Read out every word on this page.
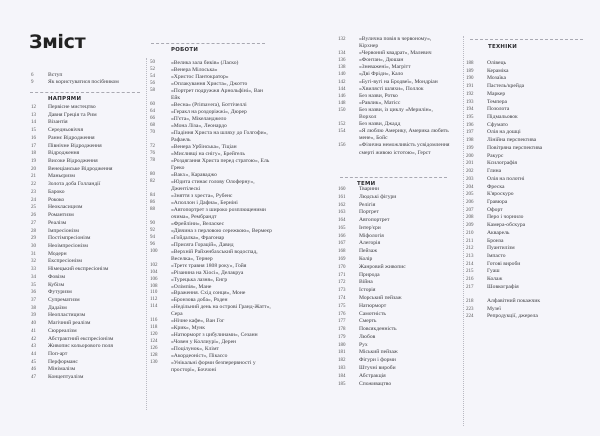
Зміст
6	Вступ
9	Як користуватися посібником
НАПРЯМИ
12	Первісне мистецтво
13	Давня Греція та Рим
14	Візантія
15	Середньовіччя
16	Раннє Відродження
17	Північне Відродження
18	Відродження
19	Високе Відродження
20	Венеціанське Відродження
21	Маньєризм
22	Золота доба Голландії
23	Бароко
24	Рококо
25	Неокласицизм
26	Романтизм
27	Реалізм
28	Імпресіонізм
29	Постімпресіонізм
30	Неоімпресіонізм
31	Модерн
32	Експресіонізм
33	Німецький експресіонізм
34	Фовізм
35	Кубізм
36	Футуризм
37	Супрематизм
38	Дадаїзм
39	Неопластицизм
40	Магічний реалізм
41	Сюрреалізм
42	Абстрактний експресіонізм
43	Живопис кольорового поля
44	Поп-арт
45	Перформанс
46	Мінімалізм
47	Концептуалізм
РОБОТИ
50	«Велика зала биків» (Ласко)
52	«Венера Мілоська»
54	«Христос Пантократор»
56	«Оплакування Христа», Джотто
58	«Портрет подружжя Арнольфіні», Ван Ейк
60	«Весна» (Primavera), Боттічеллі
64	«Геракл на роздоріжжі», Дюрер
66	«П'єта», Мікеланджело
68	«Мона Ліза», Леонардо
70	«Падіння Христа на шляху до Голгофи», Рафаель
72	«Венера Урбінська», Тіціан
76	«Мисливці на снігу», Брейгель
78	«Роздягання Христа перед стратою», Ель Греко
80	«Вакх», Караваджо
82	«Юдита стинає голову Олоферну», Джентілескі
84	«Зняття з хреста», Рубенс
86	«Аполлон і Дафна», Берніні
88	«Автопортрет з широко розплющеними очима», Рембрандт
90	«Фрейліни», Веласкес
92	«Дівчина з перловою сережкою», Вермеєр
94	«Гойдалка», Фрагонар
96	«Присяга Горацій», Давид
100	«Верхній Райхенбахський водоспад, Веселка», Тернер
102	«Третє травня 1808 року», Гойя
104	«Різанина на Хіосі», Делакруа
106	«Турецька лазня», Енгр
108	«Олімпія», Мане
110	«Враження. Схід сонця», Моне
112	«Бронзова доба», Роден
114	«Недільний день на острові Гранд-Жатт», Сера
116	«Нічне кафе», Ван Гог
118	«Крик», Мунк
120	«Натюрморт з цибулинами», Сезанн
124	«Човен у Коллиурі», Дерен
126	«Поцілунок», Клімт
128	«Акордеоніст», Пікассо
130	«Унікальні форми безперервності у просторі», Боччоні
132	«Вулична повія в червоному», Кірхнер
134	«Червоний квадрат», Малевич
136	«Фонтан», Дюшан
138	«Зневажені», Магрітт
140	«Дві Фріди», Кало
142	«Бугі-вугі на Бродвеї», Мондріан
144	«Хвилясті шляхи», Поллок
146	Без назви, Ротко
148	«Равлик», Матісс
150	Без назви, із циклу «Мерилін», Ворхол
152	Без назви, Джадд
154	«Я люблю Америку, Америка любить мене», Бойс
156	«Фізична неможливість усвідомлення смерті живою істотою», Герст
ТЕМИ
160	Тварини
161	Людські фігури
162	Релігія
163	Портрет
164	Автопортрет
165	Інтер'єри
166	Міфологія
167	Алегорія
168	Пейзаж
169	Колір
170	Жанровий живопис
171	Природа
172	Війна
173	Історія
174	Морський пейзаж
175	Натюрморт
176	Самотність
177	Смерть
178	Повсякденність
179	Любов
180	Рух
181	Міський пейзаж
182	Фігури і форми
183	Штучні вироби
184	Абстракція
185	Споживацтво
ТЕХНІКИ
188	Олівець
189	Кераміка
190	Мозаїка
191	Пастель/крейда
192	Маркер
193	Темпера
194	Позолота
195	Підмальовок
196	Сфумато
197	Олія на дошці
198	Лінійна перспектива
199	Повітряна перспектива
200	Ракурс
201	Ксилографія
202	Глина
203	Олія на полотні
204	Фреска
205	К'яроскуро
206	Гравюра
207	Офорт
208	Перо і чорнило
209	Камера-обскура
210	Акварель
211	Бронза
212	Пуантилізм
213	Імпасто
214	Готові вироби
215	Гуаш
216	Колаж
217	Шовкографія
218	Алфавітний покажчик
223	Музеї
224	Репродукції, джерела
